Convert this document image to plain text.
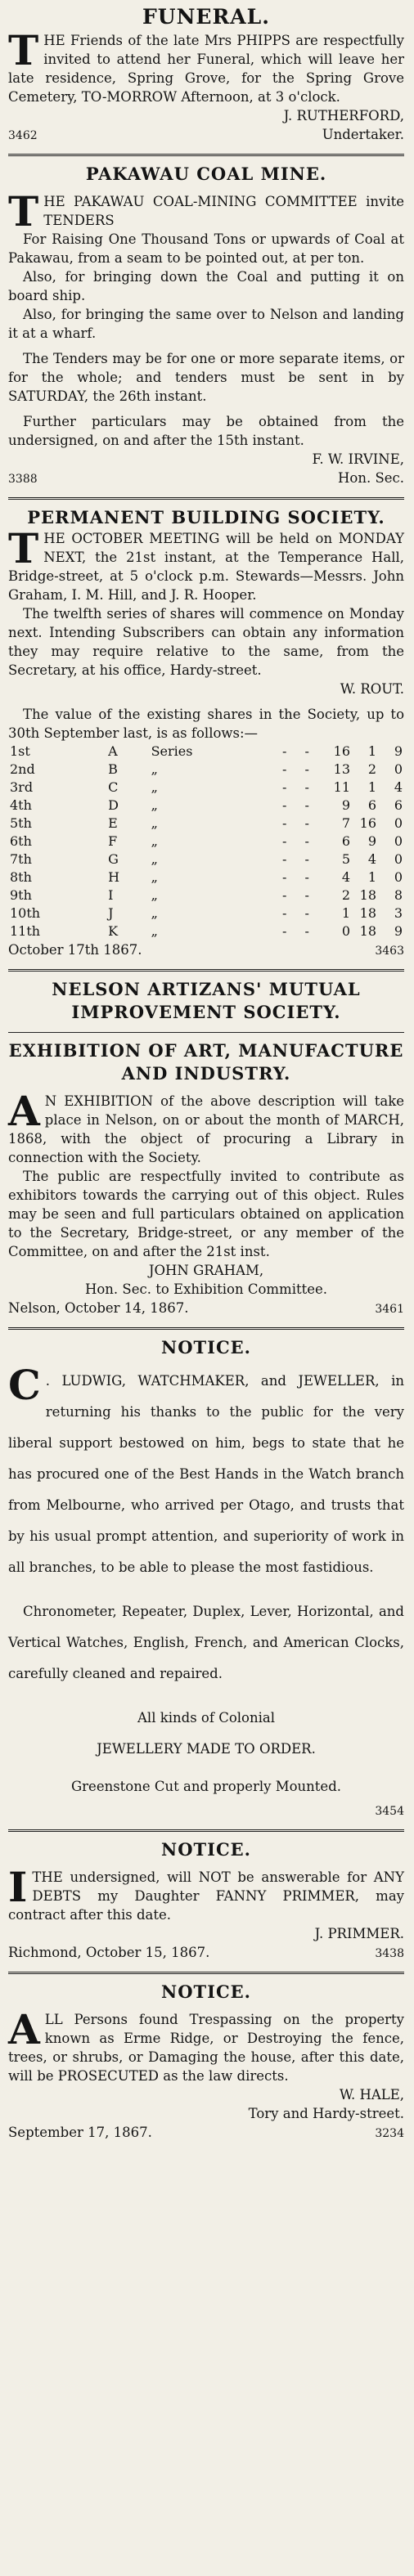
FUNERAL.

THE Friends of the late Mrs PHIPPS are respectfully invited to attend her Funeral, which will leave her late residence, Spring Grove, for the Spring Grove Cemetery, TO-MORROW Afternoon, at 3 o'clock.

J. RUTHERFORD,
3462	Undertaker.
PAKAWAU COAL MINE.

THE PAKAWAU COAL-MINING COMMITTEE invite TENDERS

For Raising One Thousand Tons or upwards of Coal at Pakawau, from a seam to be pointed out, at per ton.

Also, for bringing down the Coal and putting it on board ship.

Also, for bringing the same over to Nelson and landing it at a wharf.

The Tenders may be for one or more separate items, or for the whole; and tenders must be sent in by SATURDAY, the 26th instant.

Further particulars may be obtained from the undersigned, on and after the 15th instant.

F. W. IRVINE,
3388	Hon. Sec.
PERMANENT BUILDING SOCIETY.

THE OCTOBER MEETING will be held on MONDAY NEXT, the 21st instant, at the Temperance Hall, Bridge-street, at 5 o'clock p.m. Stewards—Messrs. John Graham, I. M. Hill, and J. R. Hooper.

The twelfth series of shares will commence on Monday next. Intending Subscribers can obtain any information they may require relative to the same, from the Secretary, at his office, Hardy-street.

W. ROUT.

The value of the existing shares in the Society, up to 30th September last, is as follows:—

1st	A	Series	-	-	16	1	9
2nd	B	„	-	-	13	2	0
3rd	C	„	-	-	11	1	4
4th	D	„	-	-	9	6	6
5th	E	„	-	-	7	16	0
6th	F	„	-	-	6	9	0
7th	G	„	-	-	5	4	0
8th	H	„	-	-	4	1	0
9th	I	„	-	-	2	18	8
10th	J	„	-	-	1	18	3
11th	K	„	-	-	0	18	9
October 17th 1867.	3463
NELSON ARTIZANS' MUTUAL IMPROVEMENT SOCIETY.
EXHIBITION OF ART, MANUFACTURE AND INDUSTRY.

A N EXHIBITION of the above description will take place in Nelson, on or about the month of MARCH, 1868, with the object of procuring a Library in connection with the Society.

The public are respectfully invited to contribute as exhibitors towards the carrying out of this object. Rules may be seen and full particulars obtained on application to the Secretary, Bridge-street, or any member of the Committee, on and after the 21st inst.

JOHN GRAHAM,
Hon. Sec. to Exhibition Committee.
Nelson, October 14, 1867.	3461
NOTICE.

C . LUDWIG, WATCHMAKER, and JEWELLER, in returning his thanks to the public for the very liberal support bestowed on him, begs to state that he has procured one of the Best Hands in the Watch branch from Melbourne, who arrived per Otago, and trusts that by his usual prompt attention, and superiority of work in all branches, to be able to please the most fastidious.

Chronometer, Repeater, Duplex, Lever, Horizontal, and Vertical Watches, English, French, and American Clocks, carefully cleaned and repaired.

All kinds of Colonial

JEWELLERY MADE TO ORDER.

Greenstone Cut and properly Mounted.

3454
NOTICE.

ITHE undersigned, will NOT be answerable for ANY DEBTS my Daughter FANNY PRIMMER, may contract after this date.

J. PRIMMER.
Richmond, October 15, 1867.	3438
NOTICE.

ALL Persons found Trespassing on the property known as Erme Ridge, or Destroying the fence, trees, or shrubs, or Damaging the house, after this date, will be PROSECUTED as the law directs.

W. HALE,
Tory and Hardy-street.
September 17, 1867.	3234
